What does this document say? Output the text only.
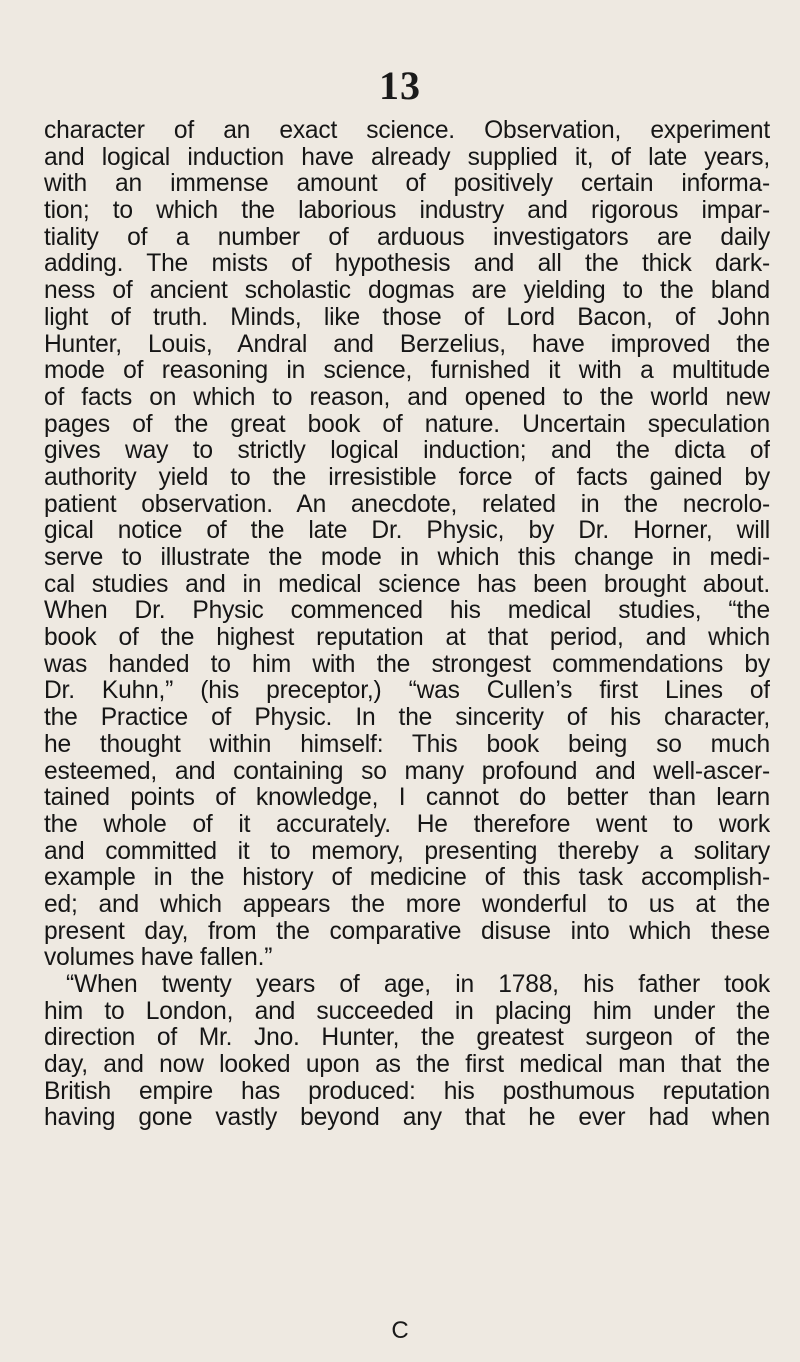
13
character of an exact science. Observation, experiment
and logical induction have already supplied it, of late years,
with an immense amount of positively certain informa-
tion; to which the laborious industry and rigorous impar-
tiality of a number of arduous investigators are daily
adding. The mists of hypothesis and all the thick dark-
ness of ancient scholastic dogmas are yielding to the bland
light of truth. Minds, like those of Lord Bacon, of John
Hunter, Louis, Andral and Berzelius, have improved the
mode of reasoning in science, furnished it with a multitude
of facts on which to reason, and opened to the world new
pages of the great book of nature. Uncertain speculation
gives way to strictly logical induction; and the dicta of
authority yield to the irresistible force of facts gained by
patient observation. An anecdote, related in the necrolo-
gical notice of the late Dr. Physic, by Dr. Horner, will
serve to illustrate the mode in which this change in medi-
cal studies and in medical science has been brought about.
When Dr. Physic commenced his medical studies, “the
book of the highest reputation at that period, and which
was handed to him with the strongest commendations by
Dr. Kuhn,” (his preceptor,) “was Cullen’s first Lines of
the Practice of Physic. In the sincerity of his character,
he thought within himself: This book being so much
esteemed, and containing so many profound and well-ascer-
tained points of knowledge, I cannot do better than learn
the whole of it accurately. He therefore went to work
and committed it to memory, presenting thereby a solitary
example in the history of medicine of this task accomplish-
ed; and which appears the more wonderful to us at the
present day, from the comparative disuse into which these
volumes have fallen.”
“When twenty years of age, in 1788, his father took
him to London, and succeeded in placing him under the
direction of Mr. Jno. Hunter, the greatest surgeon of the
day, and now looked upon as the first medical man that the
British empire has produced: his posthumous reputation
having gone vastly beyond any that he ever had when
C
